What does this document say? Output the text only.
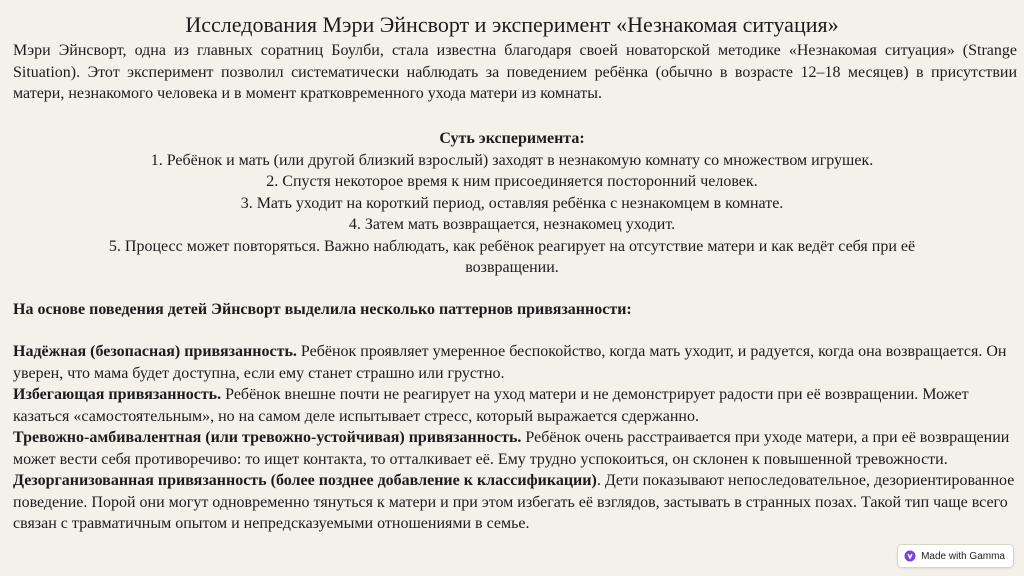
Исследования Мэри Эйнсворт и эксперимент «Незнакомая ситуация»

Мэри Эйнсворт, одна из главных соратниц Боулби, стала известна благодаря своей новаторской методике «Незнакомая ситуация» (Strange Situation). Этот эксперимент позволил систематически наблюдать за поведением ребёнка (обычно в возрасте 12–18 месяцев) в присутствии матери, незнакомого человека и в момент кратковременного ухода матери из комнаты.

Суть эксперимента:
1. Ребёнок и мать (или другой близкий взрослый) заходят в незнакомую комнату со множеством игрушек.
2. Спустя некоторое время к ним присоединяется посторонний человек.
3. Мать уходит на короткий период, оставляя ребёнка с незнакомцем в комнате.
4. Затем мать возвращается, незнакомец уходит.
5. Процесс может повторяться. Важно наблюдать, как ребёнок реагирует на отсутствие матери и как ведёт себя при её возвращении.
На основе поведения детей Эйнсворт выделила несколько паттернов привязанности:
Надёжная (безопасная) привязанность. Ребёнок проявляет умеренное беспокойство, когда мать уходит, и радуется, когда она возвращается. Он уверен, что мама будет доступна, если ему станет страшно или грустно.
Избегающая привязанность. Ребёнок внешне почти не реагирует на уход матери и не демонстрирует радости при её возвращении. Может казаться «самостоятельным», но на самом деле испытывает стресс, который выражается сдержанно.
Тревожно-амбивалентная (или тревожно-устойчивая) привязанность. Ребёнок очень расстраивается при уходе матери, а при её возвращении может вести себя противоречиво: то ищет контакта, то отталкивает её. Ему трудно успокоиться, он склонен к повышенной тревожности.
Дезорганизованная привязанность (более позднее добавление к классификации). Дети показывают непоследовательное, дезориентированное поведение. Порой они могут одновременно тянуться к матери и при этом избегать её взглядов, застывать в странных позах. Такой тип чаще всего связан с травматичным опытом и непредсказуемыми отношениями в семье.
Made with Gamma
